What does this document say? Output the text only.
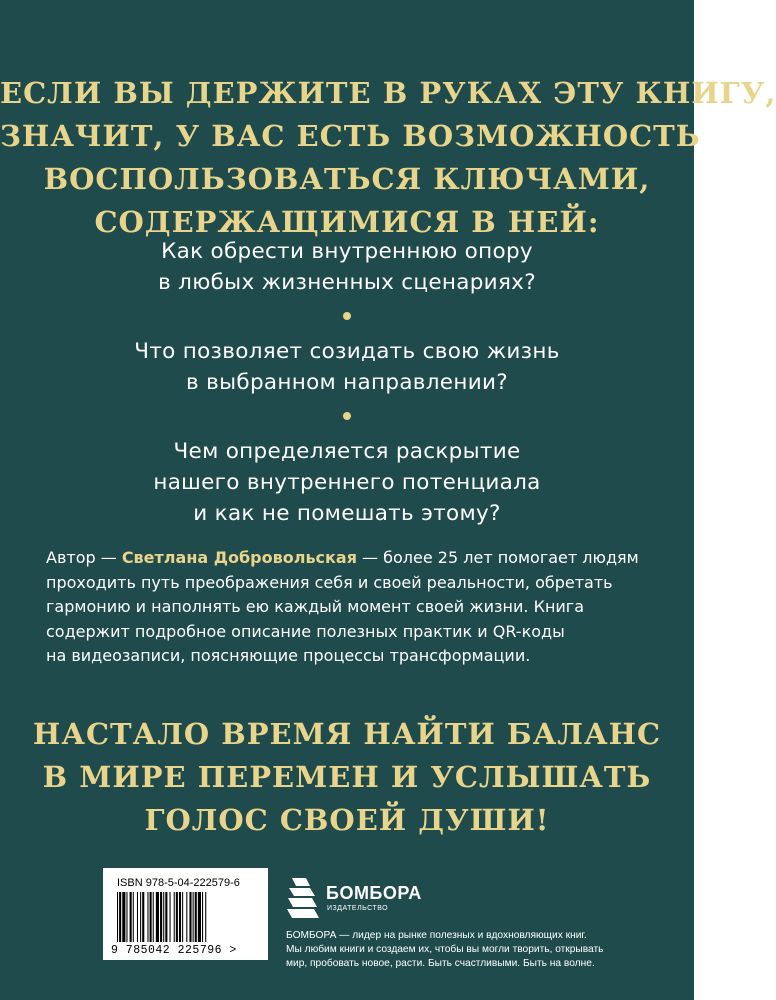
ЕСЛИ ВЫ ДЕРЖИТЕ В РУКАХ ЭТУ КНИГУ,
ЗНАЧИТ, У ВАС ЕСТЬ ВОЗМОЖНОСТЬ
ВОСПОЛЬЗОВАТЬСЯ КЛЮЧАМИ,
СОДЕРЖАЩИМИСЯ В НЕЙ:

Как обрести внутреннюю опору
в любых жизненных сценариях?

Что позволяет созидать свою жизнь
в выбранном направлении?

Чем определяется раскрытие
нашего внутреннего потенциала
и как не помешать этому?

Автор — Светлана Добровольская — более 25 лет помогает людям
проходить путь преображения себя и своей реальности, обретать
гармонию и наполнять ею каждый момент своей жизни. Книга
содержит подробное описание полезных практик и QR-коды
на видеозаписи, поясняющие процессы трансформации.

НАСТАЛО ВРЕМЯ НАЙТИ БАЛАНС
В МИРЕ ПЕРЕМЕН И УСЛЫШАТЬ
ГОЛОС СВОЕЙ ДУШИ!
ISBN 978-5-04-222579-6
9 785042 225796 >
БОМБОРА
ИЗДАТЕЛЬСТВО

БОМБОРА — лидер на рынке полезных и вдохновляющих книг.
Мы любим книги и создаем их, чтобы вы могли творить, открывать
мир, пробовать новое, расти. Быть счастливыми. Быть на волне.
